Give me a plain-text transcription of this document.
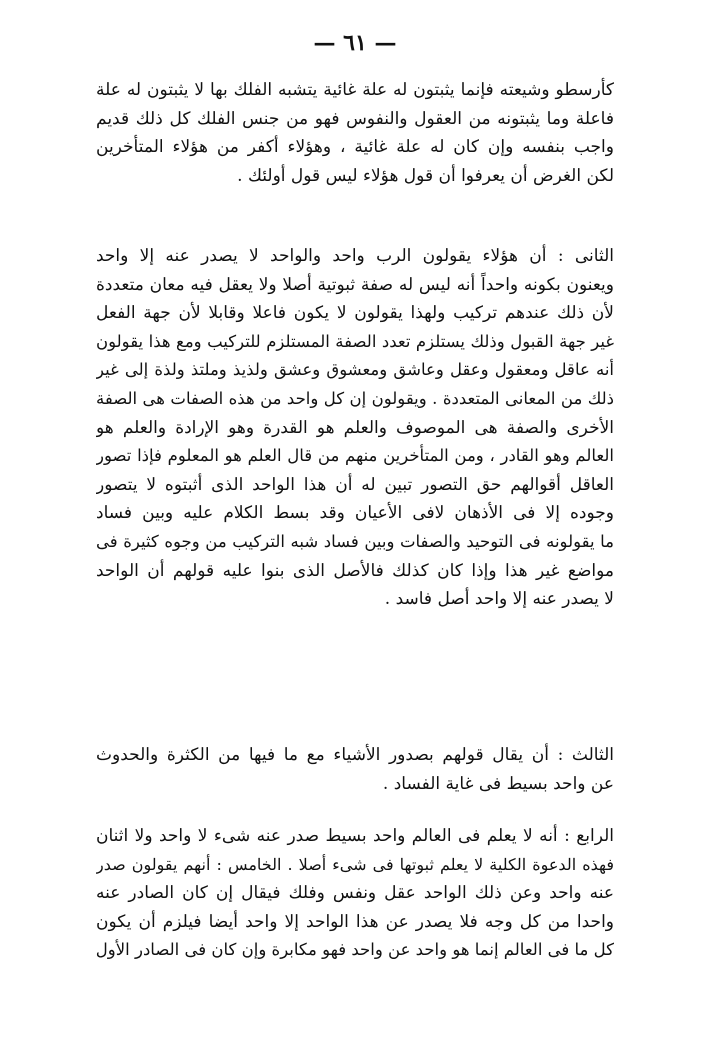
— ٦١ —
كأرسطو وشيعته فإنما يثبتون له علة غائية يتشبه الفلك بها لا يثبتون له علة
فاعلة وما يثبتونه من العقول والنفوس فهو من جنس الفلك كل ذلك قديم
واجب بنفسه وإن كان له علة غائية ، وهؤلاء أكفر من هؤلاء المتأخرين
لكن الغرض أن يعرفوا أن قول هؤلاء ليس قول أولئك .
الثانى : أن هؤلاء يقولون الرب واحد والواحد لا يصدر عنه إلا واحد
ويعنون بكونه واحداً أنه ليس له صفة ثبوتية أصلا ولا يعقل فيه معان متعددة
لأن ذلك عندهم تركيب ولهذا يقولون لا يكون فاعلا وقابلا لأن جهة الفعل
غير جهة القبول وذلك يستلزم تعدد الصفة المستلزم للتركيب ومع هذا يقولون
أنه عاقل ومعقول وعقل وعاشق ومعشوق وعشق ولذيذ وملتذ ولذة إلى غير
ذلك من المعانى المتعددة . ويقولون إن كل واحد من هذه الصفات هى الصفة
الأخرى والصفة هى الموصوف والعلم هو القدرة وهو الإرادة والعلم هو
العالم وهو القادر ، ومن المتأخرين منهم من قال العلم هو المعلوم فإذا تصور
العاقل أقوالهم حق التصور تبين له أن هذا الواحد الذى أثبتوه لا يتصور
وجوده إلا فى الأذهان لافى الأعيان وقد بسط الكلام عليه وبين فساد
ما يقولونه فى التوحيد والصفات وبين فساد شبه التركيب من وجوه كثيرة فى
مواضع غير هذا وإذا كان كذلك فالأصل الذى بنوا عليه قولهم أن الواحد
لا يصدر عنه إلا واحد أصل فاسد .
الثالث : أن يقال قولهم بصدور الأشياء مع ما فيها من الكثرة والحدوث
عن واحد بسيط فى غاية الفساد .
الرابع : أنه لا يعلم فى العالم واحد بسيط صدر عنه شىء لا واحد ولا اثنان
فهذه الدعوة الكلية لا يعلم ثبوتها فى شىء أصلا . الخامس : أنهم يقولون صدر
عنه واحد وعن ذلك الواحد عقل ونفس وفلك فيقال إن كان الصادر عنه
واحدا من كل وجه فلا يصدر عن هذا الواحد إلا واحد أيضا فيلزم أن يكون
كل ما فى العالم إنما هو واحد عن واحد فهو مكابرة وإن كان فى الصادر الأول
